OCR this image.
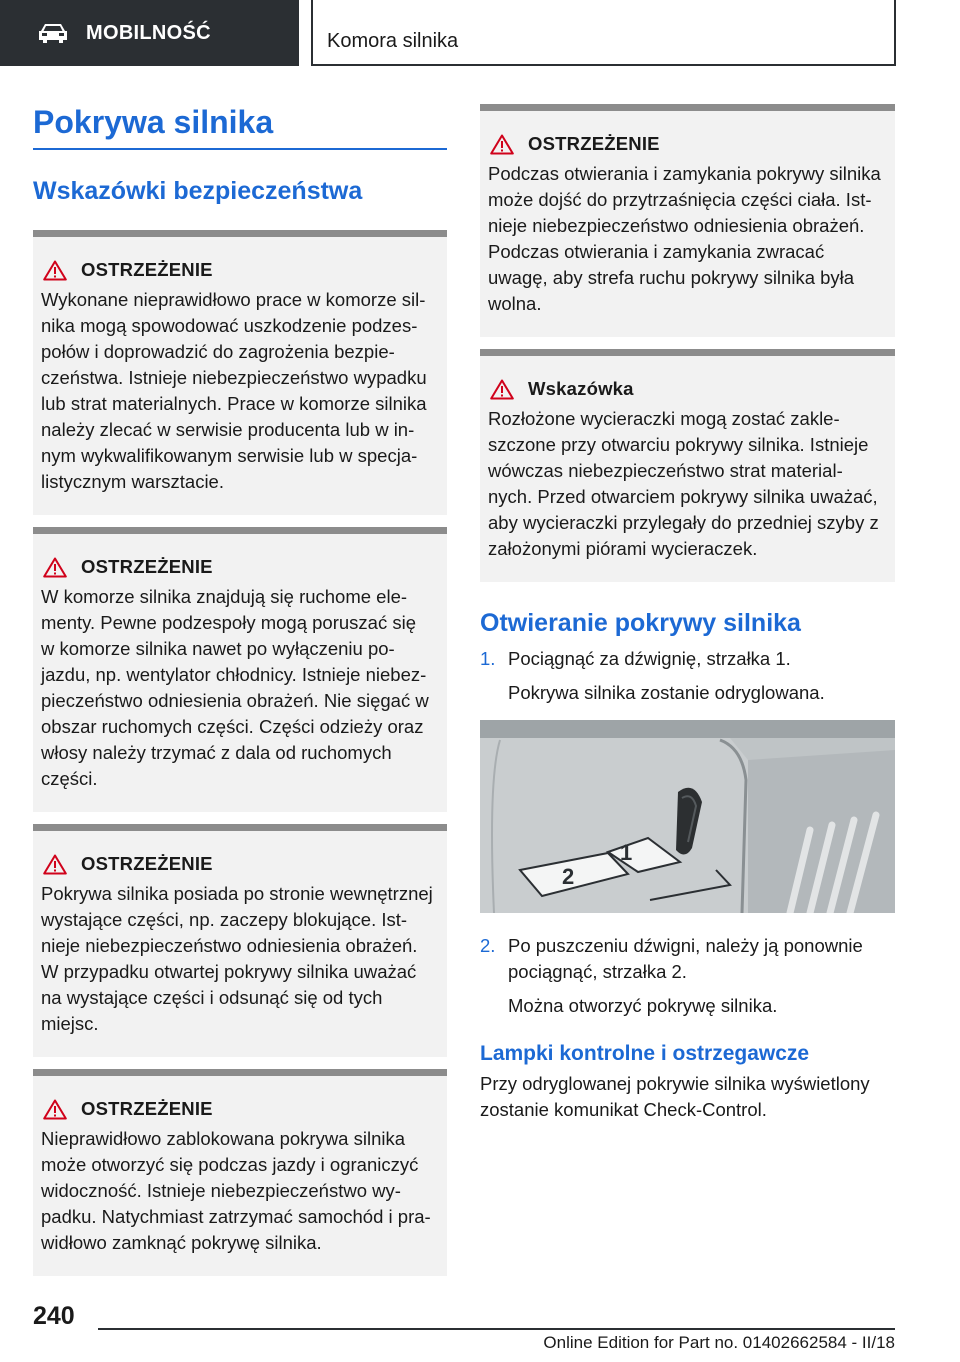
MOBILNOŚĆ	Komora silnika
Pokrywa silnika
Wskazówki bezpieczeństwa
OSTRZEŻENIE
Wykonane nieprawidłowo prace w komorze sil-
nika mogą spowodować uszkodzenie podzes-
połów i doprowadzić do zagrożenia bezpie-
czeństwa. Istnieje niebezpieczeństwo wypadku
lub strat materialnych. Prace w komorze silnika
należy zlecać w serwisie producenta lub w in-
nym wykwalifikowanym serwisie lub w specja-
listycznym warsztacie.
OSTRZEŻENIE
W komorze silnika znajdują się ruchome ele-
menty. Pewne podzespoły mogą poruszać się
w komorze silnika nawet po wyłączeniu po-
jazdu, np. wentylator chłodnicy. Istnieje niebez-
pieczeństwo odniesienia obrażeń. Nie sięgać w
obszar ruchomych części. Części odzieży oraz
włosy należy trzymać z dala od ruchomych
części.
OSTRZEŻENIE
Pokrywa silnika posiada po stronie wewnętrznej
wystające części, np. zaczepy blokujące. Ist-
nieje niebezpieczeństwo odniesienia obrażeń.
W przypadku otwartej pokrywy silnika uważać
na wystające części i odsunąć się od tych
miejsc.
OSTRZEŻENIE
Nieprawidłowo zablokowana pokrywa silnika
może otworzyć się podczas jazdy i ograniczyć
widoczność. Istnieje niebezpieczeństwo wy-
padku. Natychmiast zatrzymać samochód i pra-
widłowo zamknąć pokrywę silnika.
OSTRZEŻENIE
Podczas otwierania i zamykania pokrywy silnika
może dojść do przytrzaśnięcia części ciała. Ist-
nieje niebezpieczeństwo odniesienia obrażeń.
Podczas otwierania i zamykania zwracać
uwagę, aby strefa ruchu pokrywy silnika była
wolna.
Wskazówka
Rozłożone wycieraczki mogą zostać zakle-
szczone przy otwarciu pokrywy silnika. Istnieje
wówczas niebezpieczeństwo strat material-
nych. Przed otwarciem pokrywy silnika uważać,
aby wycieraczki przylegały do przedniej szyby z
założonymi piórami wycieraczek.
Otwieranie pokrywy silnika
1. Pociągnąć za dźwignię, strzałka 1.
Pokrywa silnika zostanie odryglowana.
2
1
2. Po puszczeniu dźwigni, należy ją ponownie
pociągnąć, strzałka 2.
Można otworzyć pokrywę silnika.
Lampki kontrolne i ostrzegawcze
Przy odryglowanej pokrywie silnika wyświetlony
zostanie komunikat Check-Control.
240
Online Edition for Part no. 01402662584 - II/18
